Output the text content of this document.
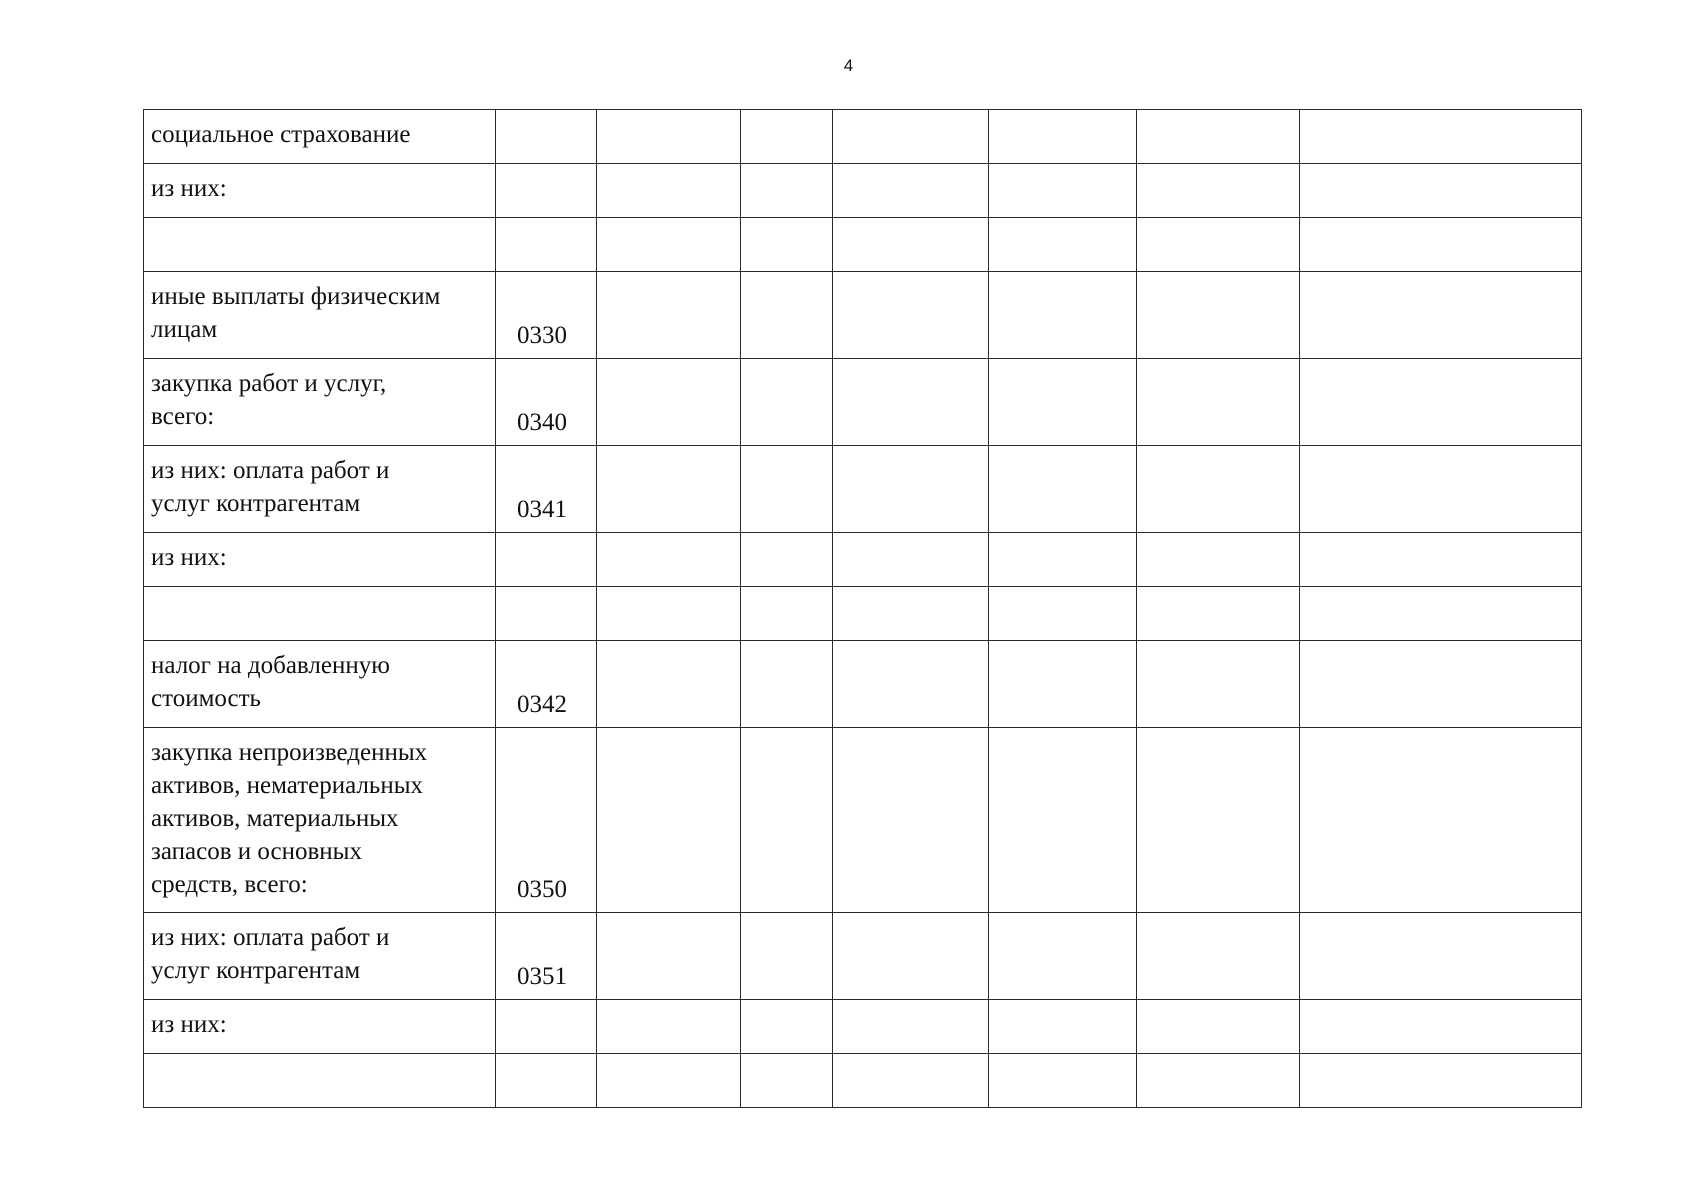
4
социальное страхование							

из них:							

иные выплаты физическим
лицам	0330						

закупка работ и услуг,
всего:	0340						

из них: оплата работ и
услуг контрагентам	0341						

из них:							

налог на добавленную
стоимость	0342						

закупка непроизведенных
активов, нематериальных
активов, материальных
запасов и основных
средств, всего:	0350						

из них: оплата работ и
услуг контрагентам	0351						

из них:							
